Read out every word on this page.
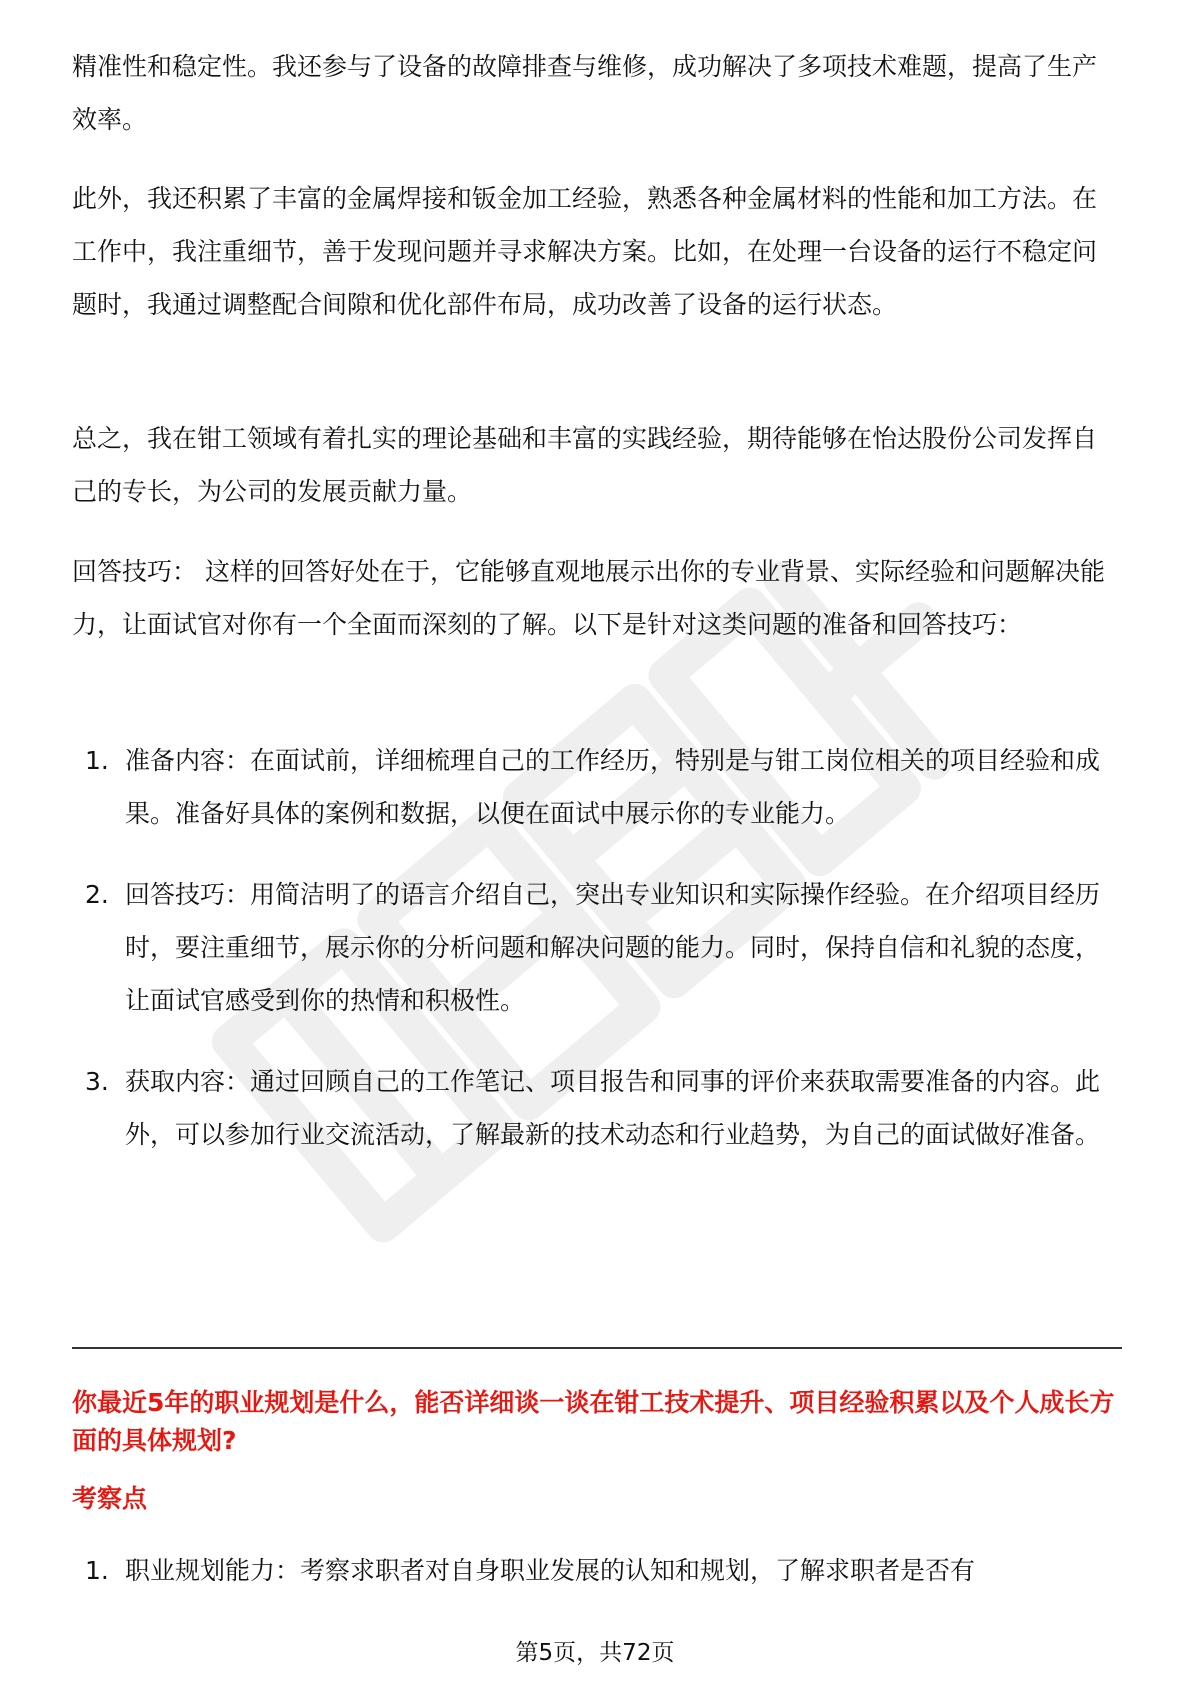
精准性和稳定性。我还参与了设备的故障排查与维修，成功解决了多项技术难题，提高了生产效率。

此外，我还积累了丰富的金属焊接和钣金加工经验，熟悉各种金属材料的性能和加工方法。在工作中，我注重细节，善于发现问题并寻求解决方案。比如，在处理一台设备的运行不稳定问题时，我通过调整配合间隙和优化部件布局，成功改善了设备的运行状态。

总之，我在钳工领域有着扎实的理论基础和丰富的实践经验，期待能够在怡达股份公司发挥自己的专长，为公司的发展贡献力量。

回答技巧： 这样的回答好处在于，它能够直观地展示出你的专业背景、实际经验和问题解决能力，让面试官对你有一个全面而深刻的了解。以下是针对这类问题的准备和回答技巧：

1. 准备内容：在面试前，详细梳理自己的工作经历，特别是与钳工岗位相关的项目经验和成果。准备好具体的案例和数据，以便在面试中展示你的专业能力。

2. 回答技巧：用简洁明了的语言介绍自己，突出专业知识和实际操作经验。在介绍项目经历时，要注重细节，展示你的分析问题和解决问题的能力。同时，保持自信和礼貌的态度，让面试官感受到你的热情和积极性。

3. 获取内容：通过回顾自己的工作笔记、项目报告和同事的评价来获取需要准备的内容。此外，可以参加行业交流活动，了解最新的技术动态和行业趋势，为自己的面试做好准备。

你最近5年的职业规划是什么，能否详细谈一谈在钳工技术提升、项目经验积累以及个人成长方面的具体规划?

考察点

1. 职业规划能力：考察求职者对自身职业发展的认知和规划，了解求职者是否有

第5页，共72页
